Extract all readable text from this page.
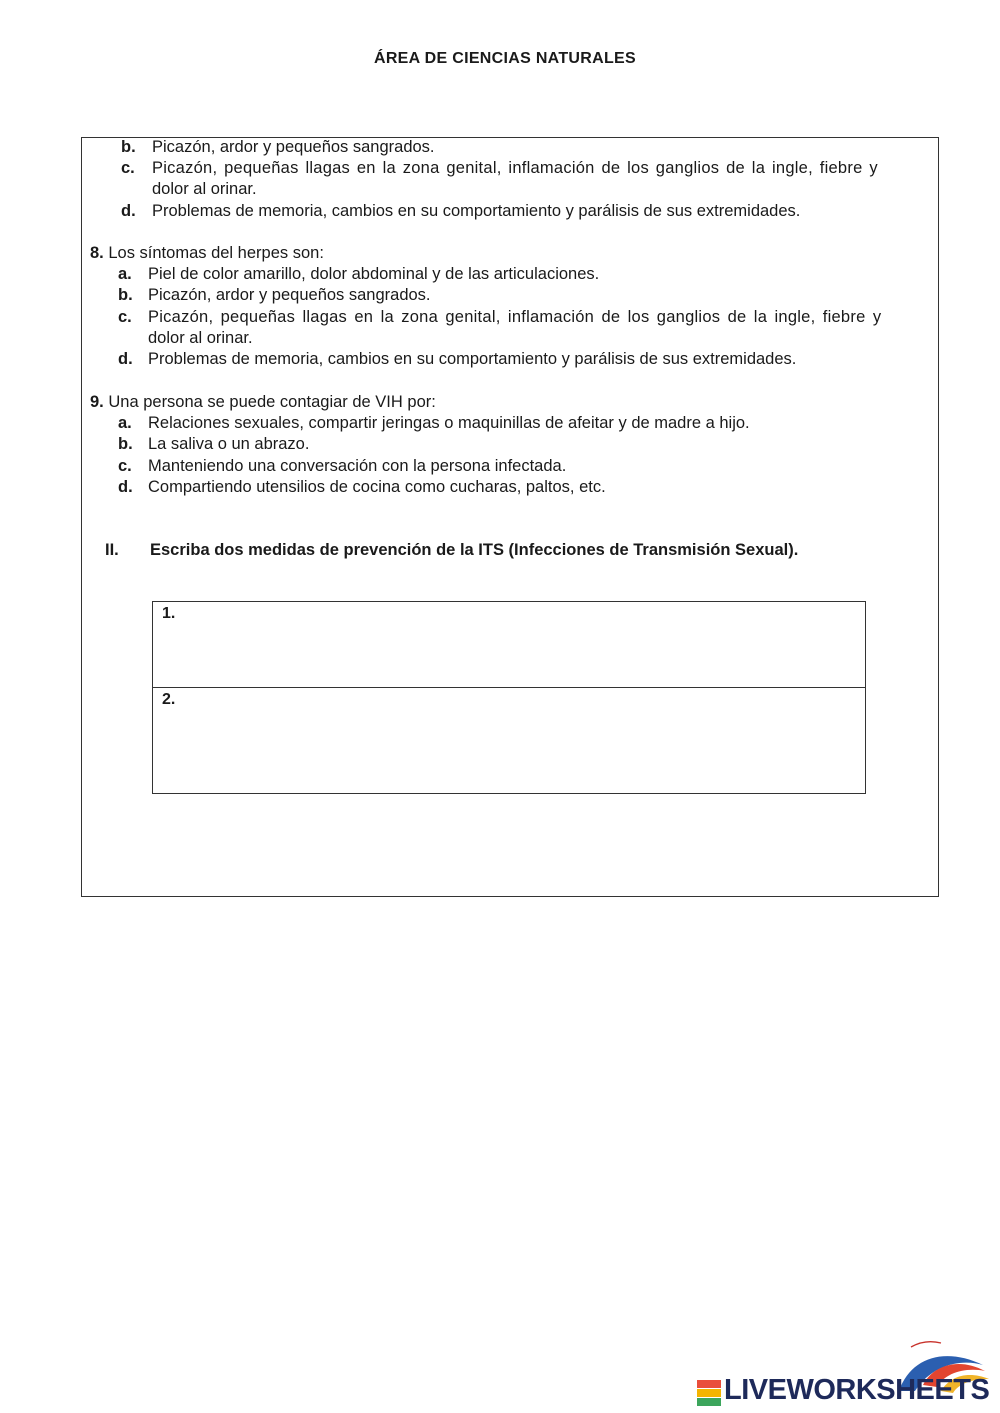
ÁREA DE CIENCIAS NATURALES
b. Picazón, ardor y pequeños sangrados.
c. Picazón, pequeñas llagas en la zona genital, inflamación de los ganglios de la ingle, fiebre y
dolor al orinar.
d. Problemas de memoria, cambios en su comportamiento y parálisis de sus extremidades.
8. Los síntomas del herpes son:
a. Piel de color amarillo, dolor abdominal y de las articulaciones.
b. Picazón, ardor y pequeños sangrados.
c. Picazón, pequeñas llagas en la zona genital, inflamación de los ganglios de la ingle, fiebre y
dolor al orinar.
d. Problemas de memoria, cambios en su comportamiento y parálisis de sus extremidades.
9. Una persona se puede contagiar de VIH por:
a. Relaciones sexuales, compartir jeringas o maquinillas de afeitar y de madre a hijo.
b. La saliva o un abrazo.
c. Manteniendo una conversación con la persona infectada.
d. Compartiendo utensilios de cocina como cucharas, paltos, etc.
II. Escriba dos medidas de prevención de la ITS (Infecciones de Transmisión Sexual).
1.
2.
LIVEWORKSHEETS
